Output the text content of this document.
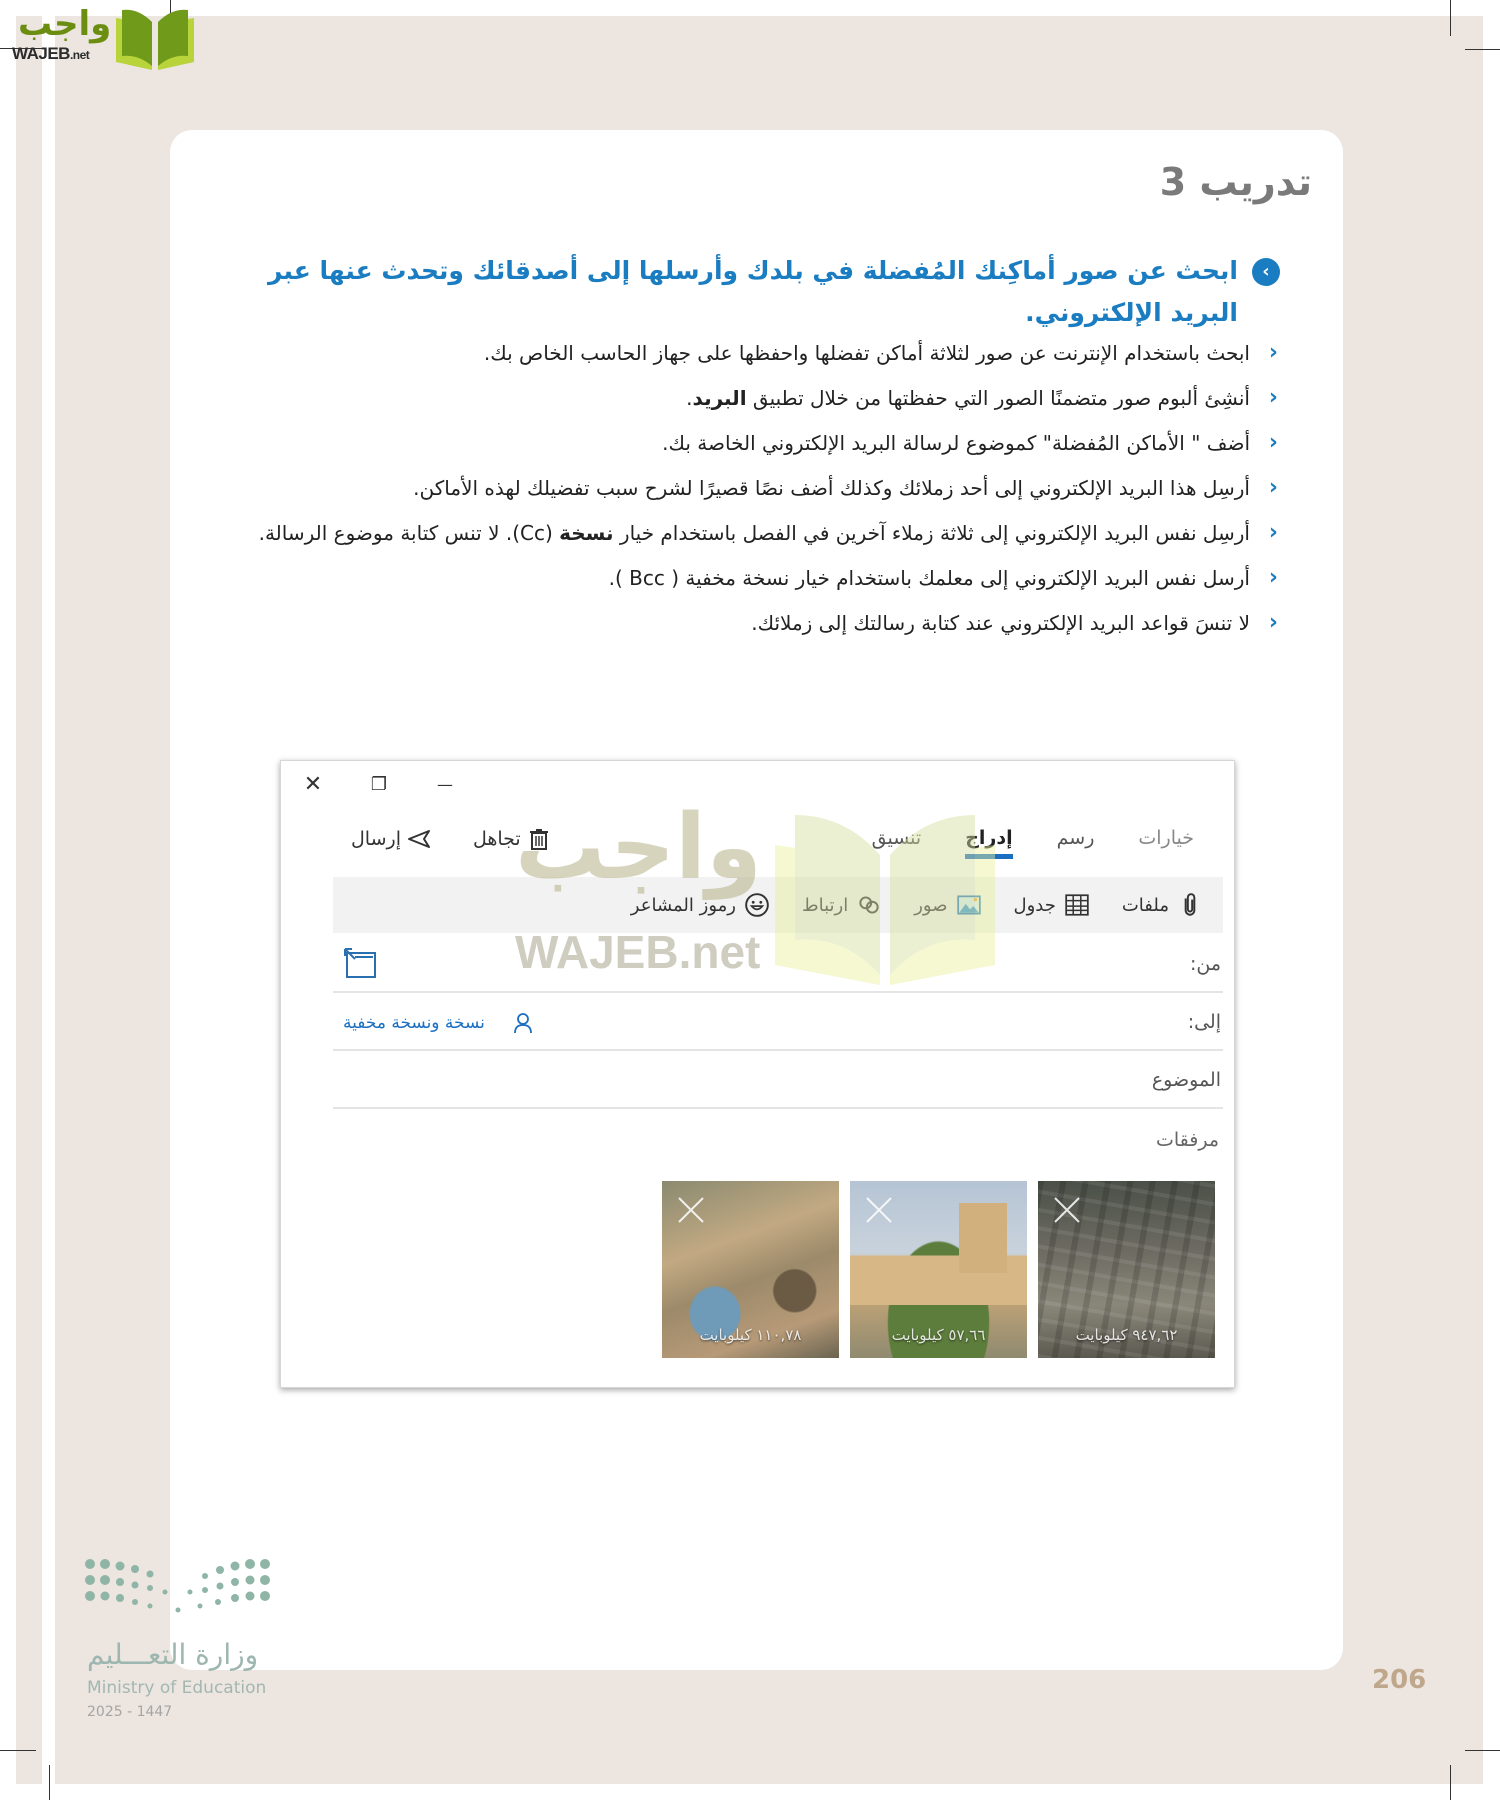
واجب
WAJEB.net
تدريب 3
‹
ابحث عن صور أماكِنك المُفضلة في بلدك وأرسلها إلى أصدقائك وتحدث عنها عبر البريد الإلكتروني.
‹
ابحث باستخدام الإنترنت عن صور لثلاثة أماكن تفضلها واحفظها على جهاز الحاسب الخاص بك.
‹
أنشِئ ألبوم صور متضمنًا الصور التي حفظتها من خلال تطبيق البريد.
‹
أضف " الأماكن المُفضلة" كموضوع لرسالة البريد الإلكتروني الخاصة بك.
‹
أرسِل هذا البريد الإلكتروني إلى أحد زملائك وكذلك أضف نصًا قصيرًا لشرح سبب تفضيلك لهذه الأماكن.
‹
أرسِل نفس البريد الإلكتروني إلى ثلاثة زملاء آخرين في الفصل باستخدام خيار نسخة (Cc). لا تنس كتابة موضوع الرسالة.
‹
أرسل نفس البريد الإلكتروني إلى معلمك باستخدام خيار نسخة مخفية ( Bcc ).
‹
لا تنسَ قواعد البريد الإلكتروني عند كتابة رسالتك إلى زملائك.
✕	❐	—
تنسيق إدراج رسم خيارات
تجاهل
إرسال
ملفات
جدول
صور
ارتباط
رموز المشاعر
من:
إلى:
نسخة ونسخة مخفية
الموضوع
مرفقات
١١٠,٧٨ كيلوبايت	٥٧,٦٦ كيلوبايت	٩٤٧,٦٢ كيلوبايت
واجب
WAJEB.net
وزارة التعـــليم
Ministry of Education
2025 - 1447
206
